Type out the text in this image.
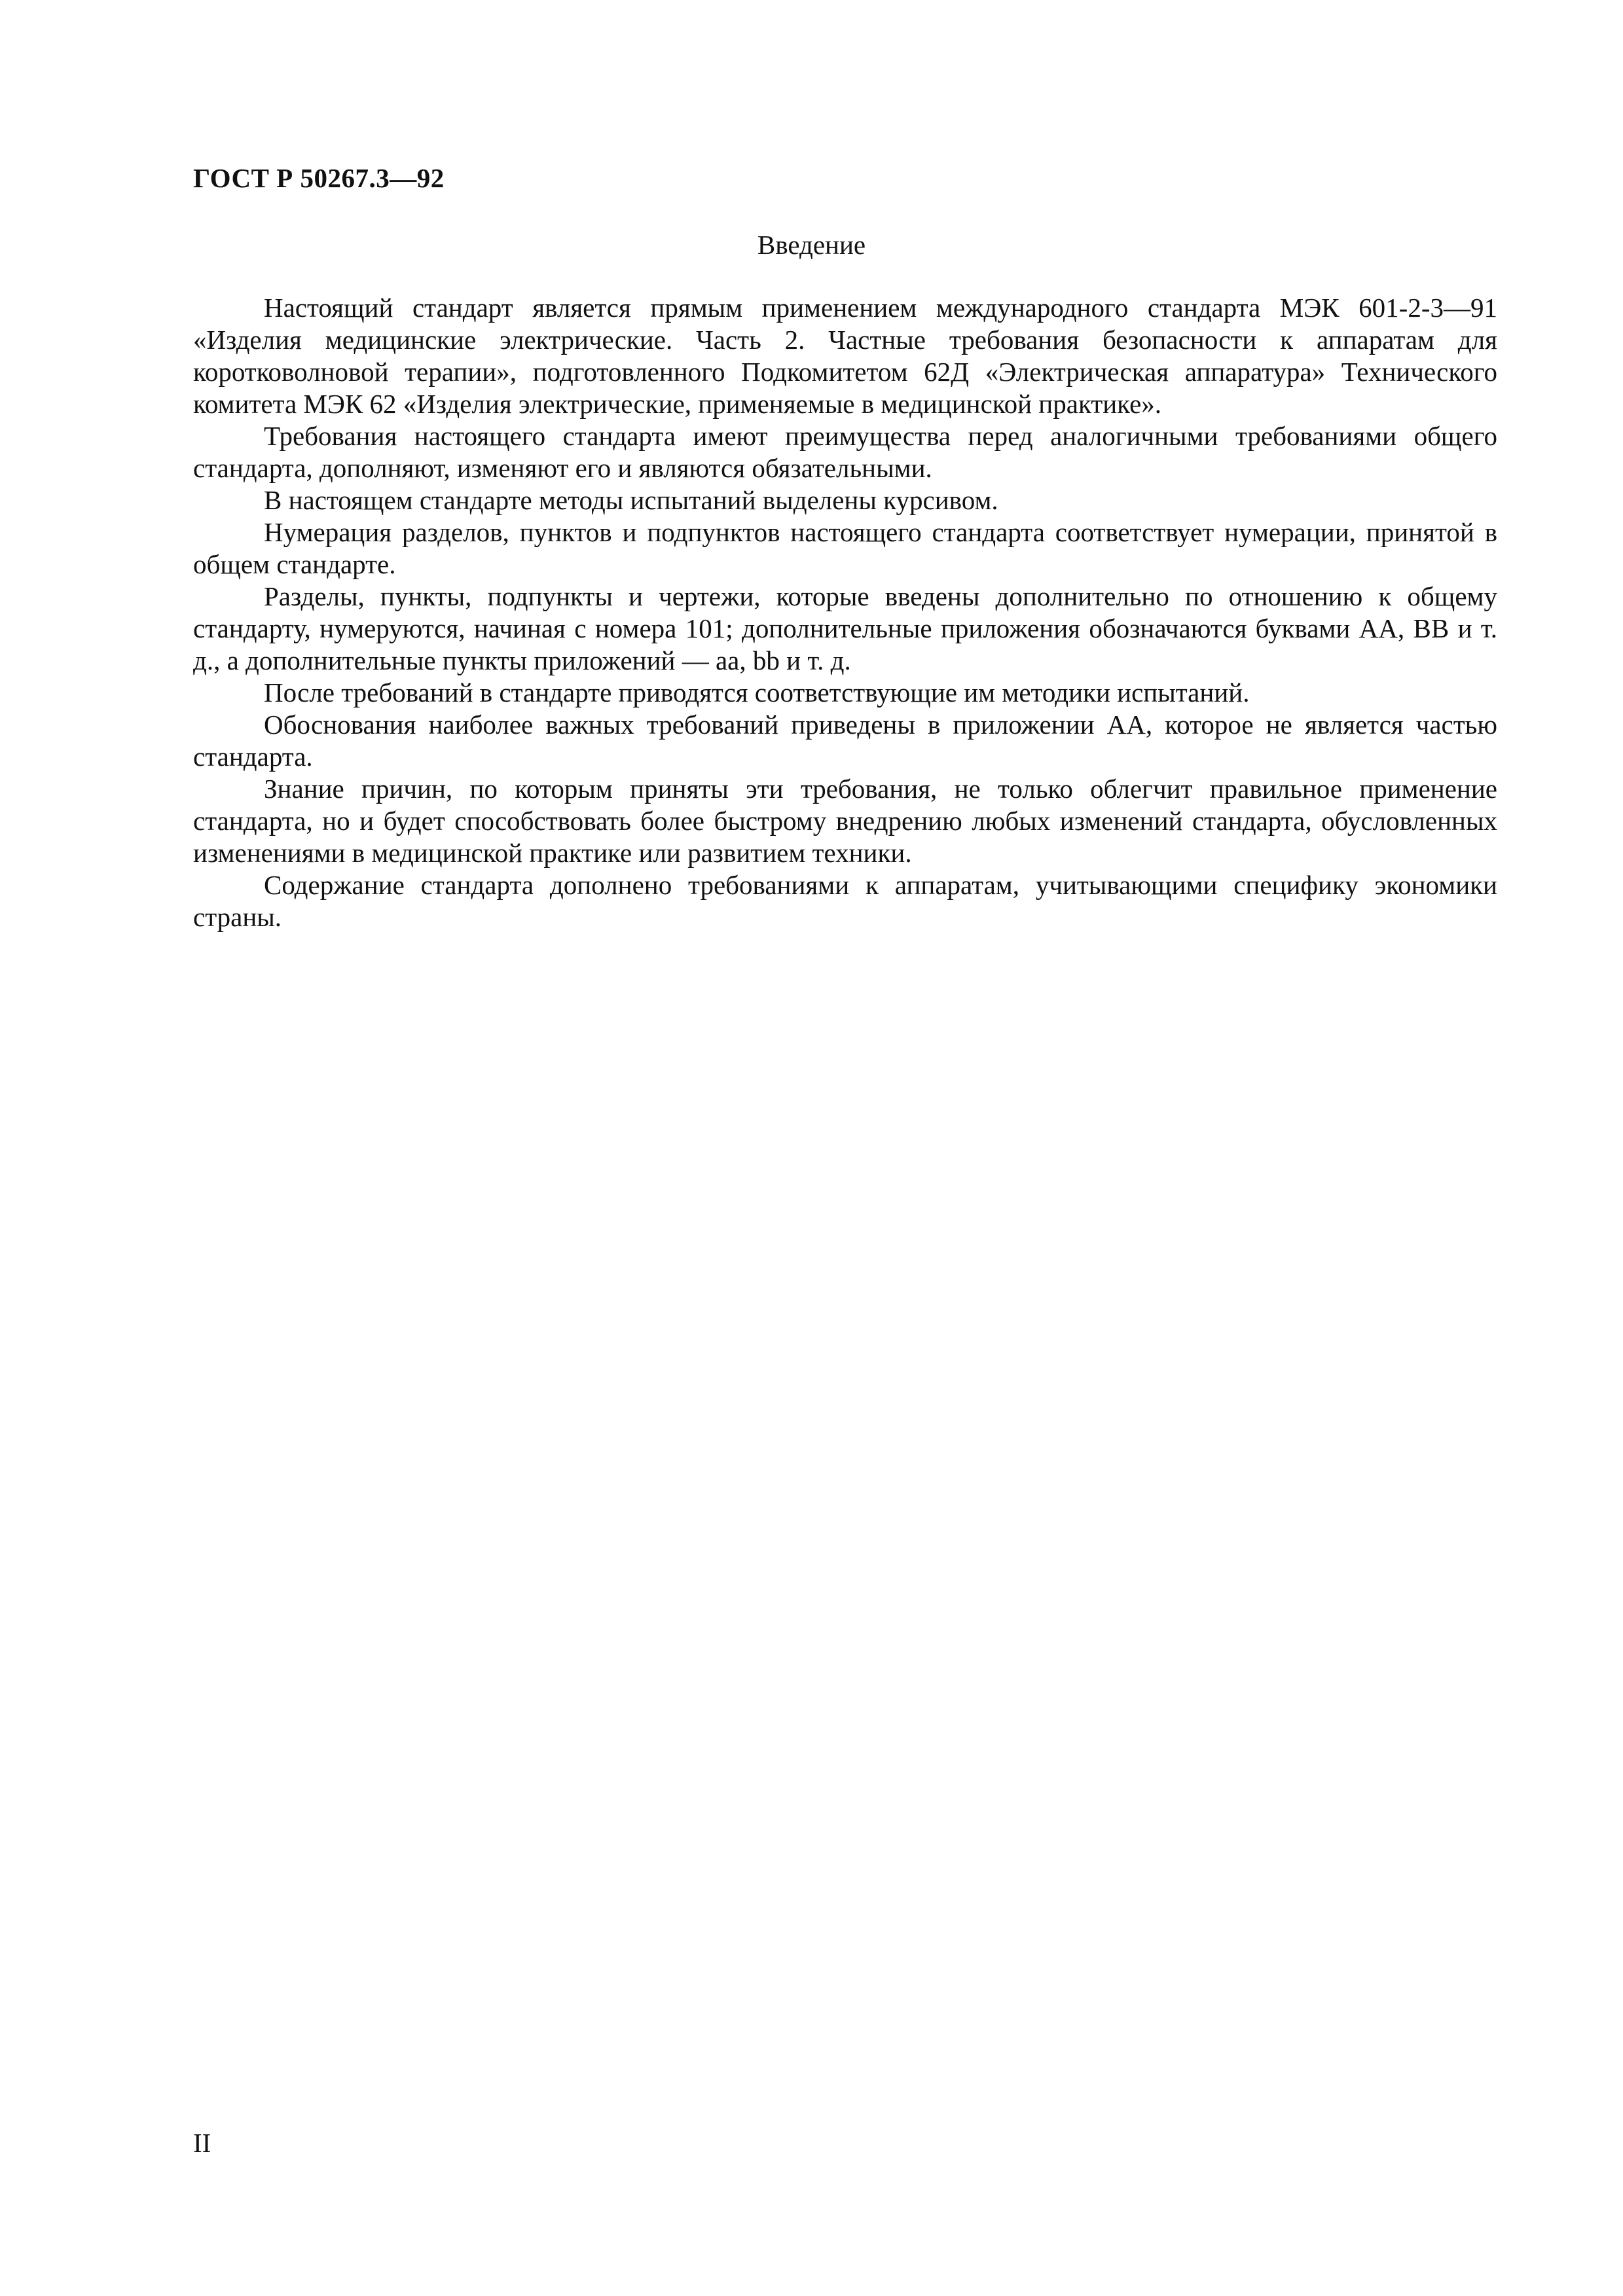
ГОСТ Р 50267.3—92
Введение

Настоящий стандарт является прямым применением международного стандарта МЭК 601-2-3—91 «Изделия медицинские электрические. Часть 2. Частные требования безопасности к аппаратам для коротковолновой терапии», подготовленного Подкомитетом 62Д «Электрическая аппаратура» Технического комитета МЭК 62 «Изделия электрические, применяемые в медицинской практике».

Требования настоящего стандарта имеют преимущества перед аналогичными требованиями общего стандарта, дополняют, изменяют его и являются обязательными.

В настоящем стандарте методы испытаний выделены курсивом.

Нумерация разделов, пунктов и подпунктов настоящего стандарта соответствует нумерации, принятой в общем стандарте.

Разделы, пункты, подпункты и чертежи, которые введены дополнительно по отношению к общему стандарту, нумеруются, начиная с номера 101; дополнительные приложения обозначаются буквами АА, ВВ и т. д., а дополнительные пункты приложений — аа, bb и т. д.

После требований в стандарте приводятся соответствующие им методики испытаний.

Обоснования наиболее важных требований приведены в приложении АА, которое не является частью стандарта.

Знание причин, по которым приняты эти требования, не только облегчит правильное применение стандарта, но и будет способствовать более быстрому внедрению любых изменений стандарта, обусловленных изменениями в медицинской практике или развитием техники.

Содержание стандарта дополнено требованиями к аппаратам, учитывающими специфику экономики страны.

II
